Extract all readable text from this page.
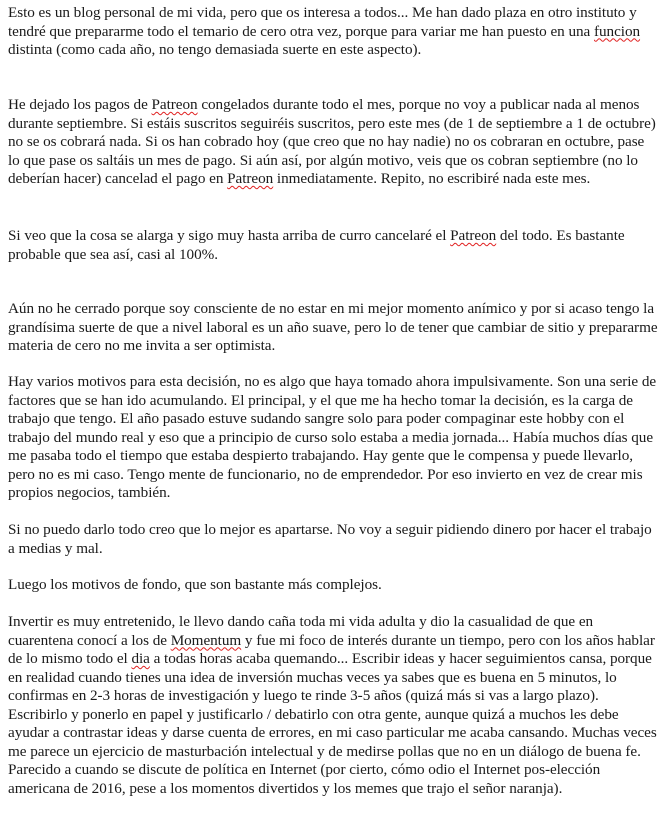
Esto es un blog personal de mi vida, pero que os interesa a todos... Me han dado plaza en otro instituto y tendré que prepararme todo el temario de cero otra vez, porque para variar me han puesto en una funcion distinta (como cada año, no tengo demasiada suerte en este aspecto).

He dejado los pagos de Patreon congelados durante todo el mes, porque no voy a publicar nada al menos durante septiembre. Si estáis suscritos seguiréis suscritos, pero este mes (de 1 de septiembre a 1 de octubre) no se os cobrará nada. Si os han cobrado hoy (que creo que no hay nadie) no os cobraran en octubre, pase lo que pase os saltáis un mes de pago. Si aún así, por algún motivo, veis que os cobran septiembre (no lo deberían hacer) cancelad el pago en Patreon inmediatamente. Repito, no escribiré nada este mes.

Si veo que la cosa se alarga y sigo muy hasta arriba de curro cancelaré el Patreon del todo. Es bastante probable que sea así, casi al 100%.

Aún no he cerrado porque soy consciente de no estar en mi mejor momento anímico y por si acaso tengo la grandísima suerte de que a nivel laboral es un año suave, pero lo de tener que cambiar de sitio y prepararme materia de cero no me invita a ser optimista.

Hay varios motivos para esta decisión, no es algo que haya tomado ahora impulsivamente. Son una serie de factores que se han ido acumulando. El principal, y el que me ha hecho tomar la decisión, es la carga de trabajo que tengo. El año pasado estuve sudando sangre solo para poder compaginar este hobby con el trabajo del mundo real y eso que a principio de curso solo estaba a media jornada... Había muchos días que me pasaba todo el tiempo que estaba despierto trabajando. Hay gente que le compensa y puede llevarlo, pero no es mi caso. Tengo mente de funcionario, no de emprendedor. Por eso invierto en vez de crear mis propios negocios, también.

Si no puedo darlo todo creo que lo mejor es apartarse. No voy a seguir pidiendo dinero por hacer el trabajo a medias y mal.

Luego los motivos de fondo, que son bastante más complejos.

Invertir es muy entretenido, le llevo dando caña toda mi vida adulta y dio la casualidad de que en cuarentena conocí a los de Momentum y fue mi foco de interés durante un tiempo, pero con los años hablar de lo mismo todo el dia a todas horas acaba quemando... Escribir ideas y hacer seguimientos cansa, porque en realidad cuando tienes una idea de inversión muchas veces ya sabes que es buena en 5 minutos, lo confirmas en 2-3 horas de investigación y luego te rinde 3-5 años (quizá más si vas a largo plazo). Escribirlo y ponerlo en papel y justificarlo / debatirlo con otra gente, aunque quizá a muchos les debe ayudar a contrastar ideas y darse cuenta de errores, en mi caso particular me acaba cansando. Muchas veces me parece un ejercicio de masturbación intelectual y de medirse pollas que no en un diálogo de buena fe. Parecido a cuando se discute de política en Internet (por cierto, cómo odio el Internet pos-elección americana de 2016, pese a los momentos divertidos y los memes que trajo el señor naranja).
